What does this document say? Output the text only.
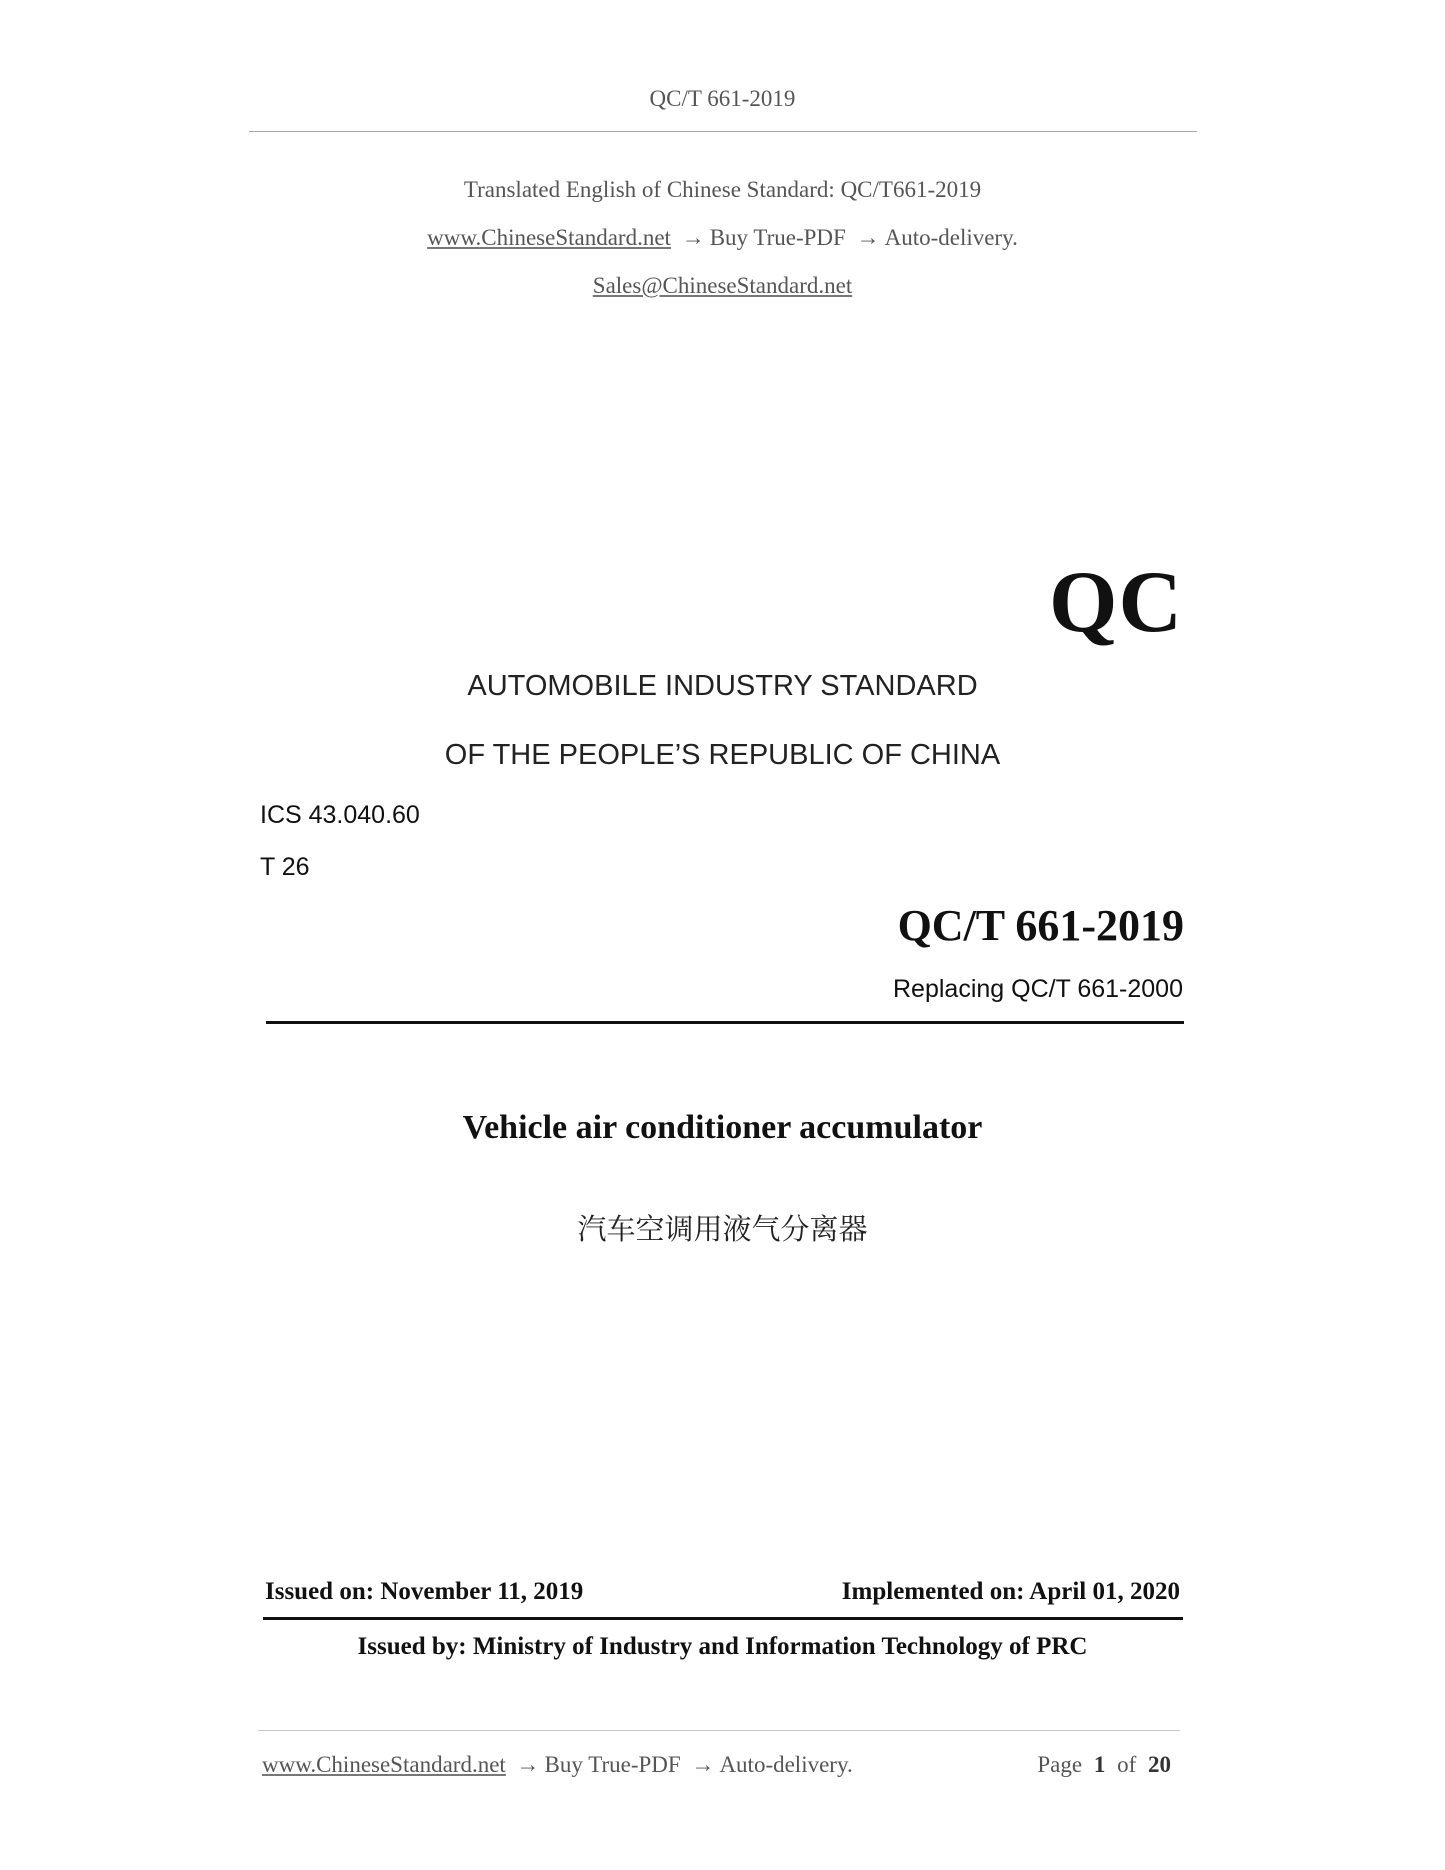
QC/T 661-2019
Translated English of Chinese Standard: QC/T661-2019
www.ChineseStandard.net → Buy True-PDF → Auto-delivery.
Sales@ChineseStandard.net
QC
AUTOMOBILE INDUSTRY STANDARD
OF THE PEOPLE’S REPUBLIC OF CHINA
ICS 43.040.60
T 26
QC/T 661-2019
Replacing QC/T 661-2000
Vehicle air conditioner accumulator
汽车空调用液气分离器
Issued on: November 11, 2019	Implemented on: April 01, 2020
Issued by: Ministry of Industry and Information Technology of PRC
www.ChineseStandard.net → Buy True-PDF → Auto-delivery.	Page 1 of 20
